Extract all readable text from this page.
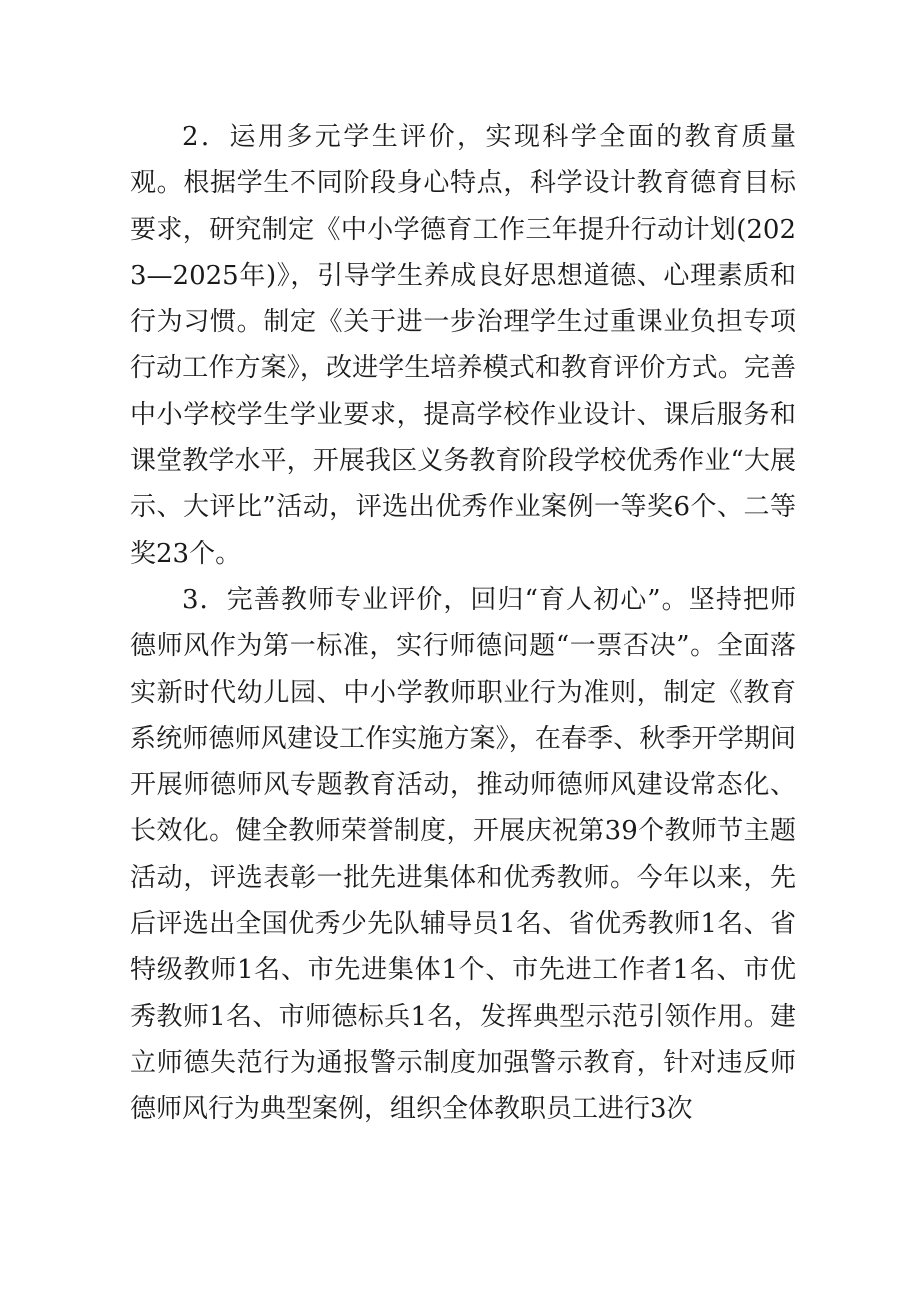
2．运用多元学生评价，实现科学全面的教育质量观。根据学生不同阶段身心特点，科学设计教育德育目标要求，研究制定《中小学德育工作三年提升行动计划(2023—2025年)》，引导学生养成良好思想道德、心理素质和行为习惯。制定《关于进一步治理学生过重课业负担专项行动工作方案》，改进学生培养模式和教育评价方式。完善中小学校学生学业要求，提高学校作业设计、课后服务和课堂教学水平，开展我区义务教育阶段学校优秀作业“大展示、大评比”活动，评选出优秀作业案例一等奖6个、二等奖23个。

3．完善教师专业评价，回归“育人初心”。坚持把师德师风作为第一标准，实行师德问题“一票否决”。全面落实新时代幼儿园、中小学教师职业行为准则，制定《教育系统师德师风建设工作实施方案》，在春季、秋季开学期间开展师德师风专题教育活动，推动师德师风建设常态化、长效化。健全教师荣誉制度，开展庆祝第39个教师节主题活动，评选表彰一批先进集体和优秀教师。今年以来，先后评选出全国优秀少先队辅导员1名、省优秀教师1名、省特级教师1名、市先进集体1个、市先进工作者1名、市优秀教师1名、市师德标兵1名，发挥典型示范引领作用。建立师德失范行为通报警示制度加强警示教育，针对违反师德师风行为典型案例，组织全体教职员工进行3次
